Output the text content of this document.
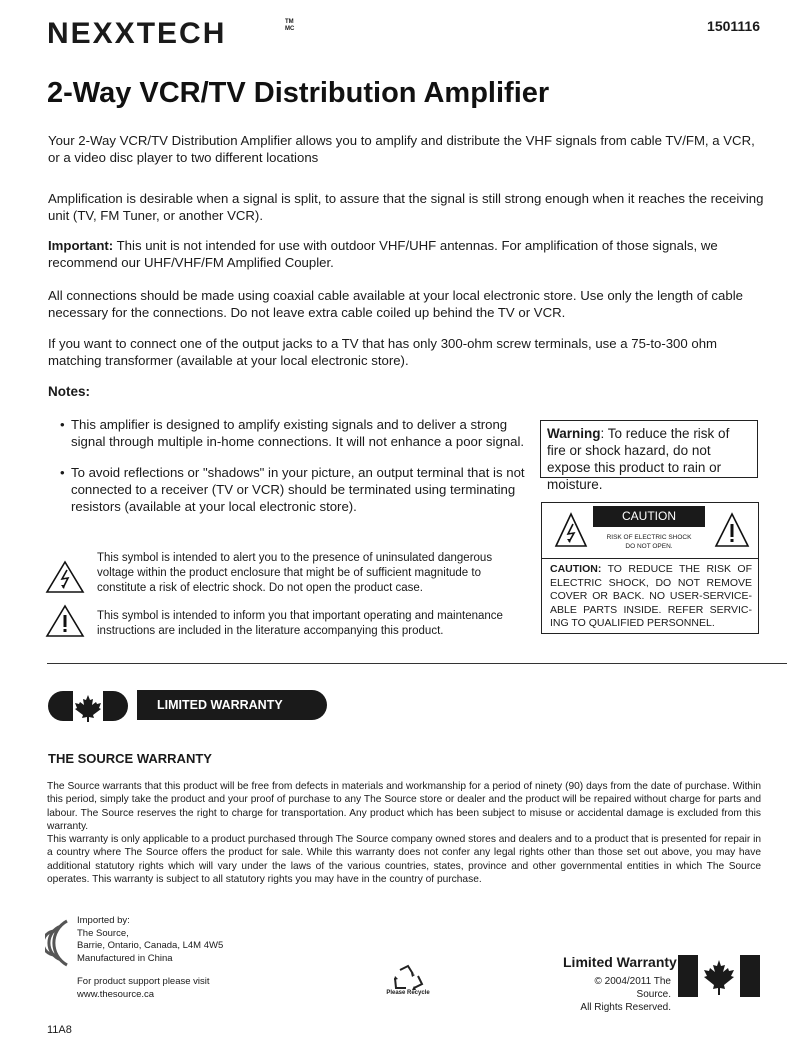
NEXXTECH	TM
MC	1501116
2-Way VCR/TV Distribution Amplifier
Your 2-Way VCR/TV Distribution Amplifier allows you to amplify and distribute the VHF signals from cable TV/FM, a VCR, or a video disc player to two different locations
Amplification is desirable when a signal is split, to assure that the signal is still strong enough when it reaches the receiving unit (TV, FM Tuner, or another VCR).
Important: This unit is not intended for use with outdoor VHF/UHF antennas. For amplification of those signals, we recommend our UHF/VHF/FM Amplified Coupler.
All connections should be made using coaxial cable available at your local electronic store. Use only the length of cable necessary for the connections. Do not leave extra cable coiled up behind the TV or VCR.
If you want to connect one of the output jacks to a TV that has only 300-ohm screw terminals, use a 75-to-300 ohm matching transformer (available at your local electronic store).
Notes:
• This amplifier is designed to amplify existing signals and to deliver a strong signal through multiple in-home connections. It will not enhance a poor signal.
• To avoid reflections or "shadows" in your picture, an output terminal that is not connected to a receiver (TV or VCR) should be terminated using terminating resistors (available at your local electronic store).
Warning: To reduce the risk of fire or shock hazard, do not expose this product to rain or moisture.
CAUTION
RISK OF ELECTRIC SHOCK
DO NOT OPEN.
CAUTION: TO REDUCE THE RISK OF ELECTRIC SHOCK, DO NOT REMOVE COVER OR BACK. NO USER-SERVICE-ABLE PARTS INSIDE. REFER SERVIC-ING TO QUALIFIED PERSONNEL.
This symbol is intended to alert you to the presence of uninsulated dangerous voltage within the product enclosure that might be of sufficient magnitude to constitute a risk of electric shock. Do not open the product case.
This symbol is intended to inform you that important operating and maintenance instructions are included in the literature accompanying this product.
LIMITED WARRANTY
THE SOURCE WARRANTY
The Source warrants that this product will be free from defects in materials and workmanship for a period of ninety (90) days from the date of purchase. Within this period, simply take the product and your proof of purchase to any The Source store or dealer and the product will be repaired without charge for parts and labour. The Source reserves the right to charge for transportation. Any product which has been subject to misuse or accidental damage is excluded from this warranty.
This warranty is only applicable to a product purchased through The Source company owned stores and dealers and to a product that is presented for repair in a country where The Source offers the product for sale. While this warranty does not confer any legal rights other than those set out above, you may have additional statutory rights which will vary under the laws of the various countries, states, province and other governmental entities in which The Source operates. This warranty is subject to all statutory rights you may have in the country of purchase.
Imported by:
The Source,
Barrie, Ontario, Canada, L4M 4W5
Manufactured in China
For product support please visit
www.thesource.ca	Please Recycle
Limited Warranty
© 2004/2011 The Source.
All Rights Reserved.
11A8
